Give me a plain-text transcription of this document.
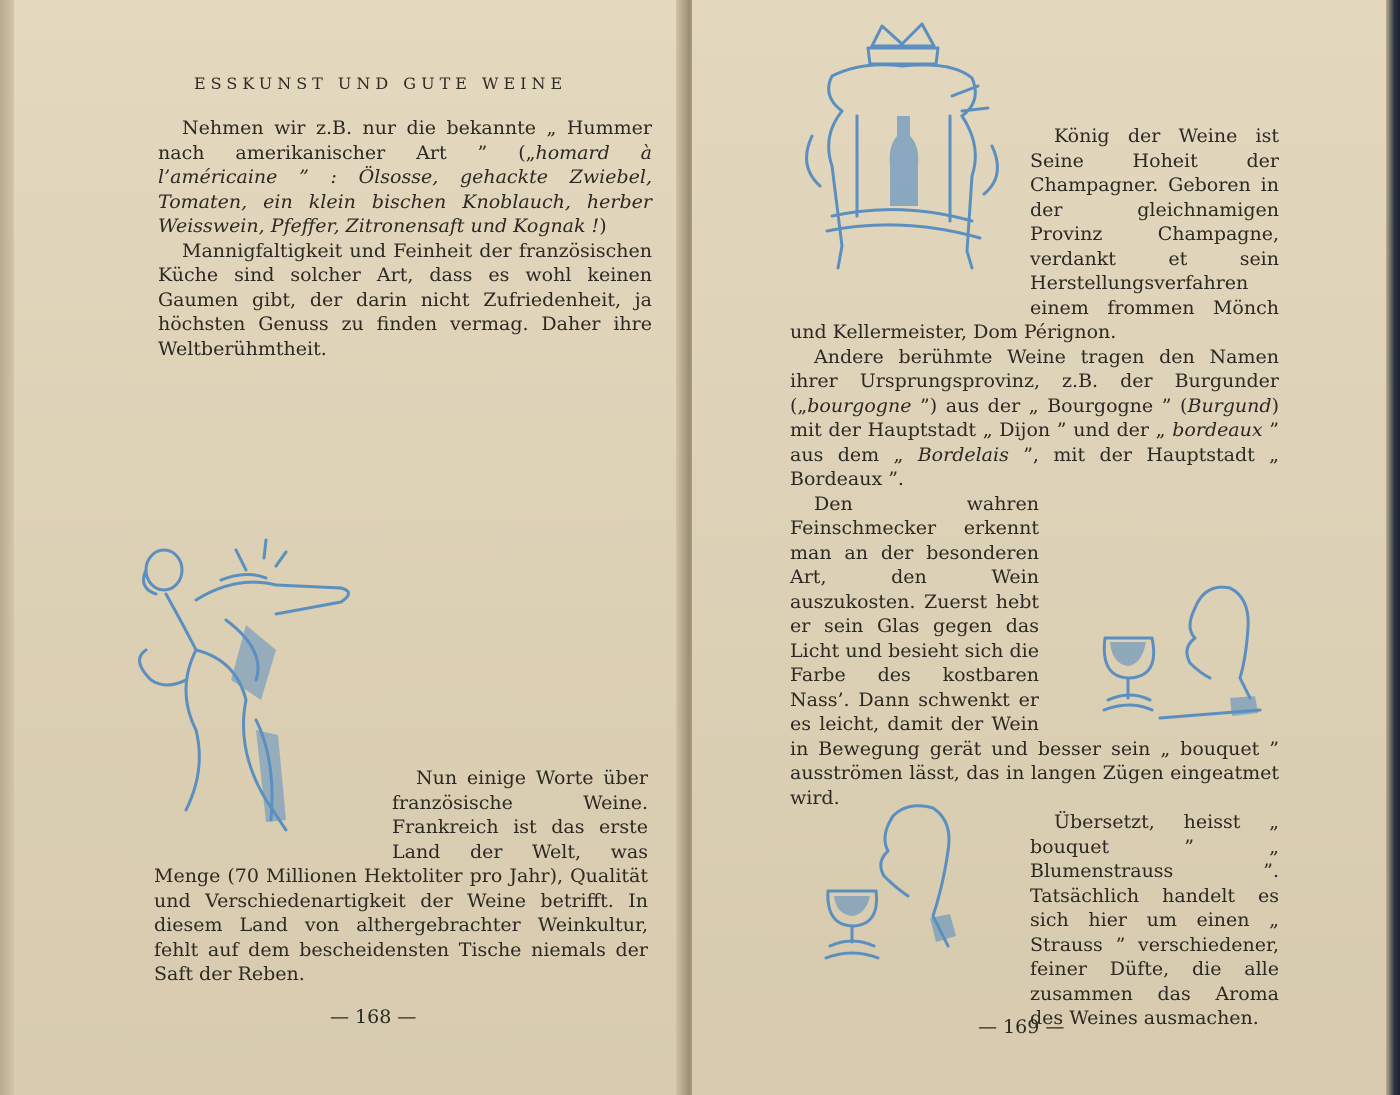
ESSKUNST UND GUTE WEINE

Nehmen wir z.B. nur die bekannte „ Hummer nach amerikanischer Art ” („homard à l’américaine ” : Ölsosse, gehackte Zwiebel, Tomaten, ein klein bischen Knoblauch, herber Weisswein, Pfeffer, Zitronensaft und Kognak !)

Mannigfaltigkeit und Feinheit der französischen Küche sind solcher Art, dass es wohl keinen Gaumen gibt, der darin nicht Zufriedenheit, ja höchsten Genuss zu finden vermag. Daher ihre Weltberühmtheit.

Nun einige Worte über französische Weine. Frankreich ist das erste Land der Welt, was Menge (70 Millionen Hektoliter pro Jahr), Qualität und Verschiedenartigkeit der Weine betrifft. In diesem Land von althergebrachter Weinkultur, fehlt auf dem bescheidensten Tische niemals der Saft der Reben.

— 168 —

König der Weine ist Seine Hoheit der Champagner. Geboren in der gleichnamigen Provinz Champagne, verdankt et sein Herstellungsverfahren einem frommen Mönch und Kellermeister, Dom Pérignon.

Andere berühmte Weine tragen den Namen ihrer Ursprungsprovinz, z.B. der Burgunder („bourgogne ”) aus der „ Bourgogne ” (Burgund) mit der Hauptstadt „ Dijon ” und der „ bordeaux ” aus dem „ Bordelais ”, mit der Hauptstadt „ Bordeaux ”.

Den wahren Feinschmecker erkennt man an der besonderen Art, den Wein auszukosten. Zuerst hebt er sein Glas gegen das Licht und besieht sich die Farbe des kostbaren Nass’. Dann schwenkt er es leicht, damit der Wein in Bewegung gerät und besser sein „ bouquet ” ausströmen lässt, das in langen Zügen eingeatmet wird.

Übersetzt, heisst „ bouquet ” „ Blumenstrauss ”. Tatsächlich handelt es sich hier um einen „ Strauss ” verschiedener, feiner Düfte, die alle zusammen das Aroma des Weines ausmachen.

— 169 —
